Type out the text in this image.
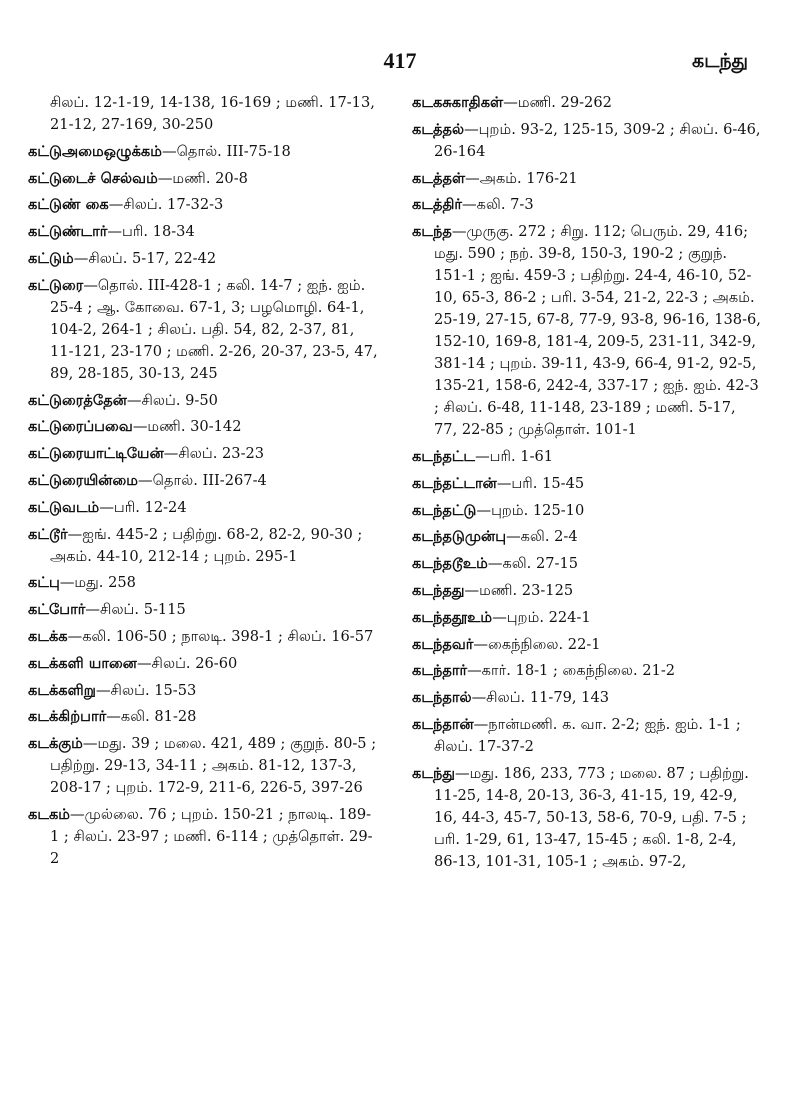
417	கடந்து
சிலப். 12-1-19, 14-138, 16-169 ; மணி. 17-13, 21-12, 27-169, 30-250
கட்டுஅமைஒழுக்கம்—தொல். III-75-18
கட்டுடைச் செல்வம்—மணி. 20-8
கட்டுண் கை—சிலப். 17-32-3
கட்டுண்டார்—பரி. 18-34
கட்டும்—சிலப். 5-17, 22-42
கட்டுரை—தொல். III-428-1 ; கலி. 14-7 ; ஐந். ஐம். 25-4 ; ஆ. கோவை. 67-1, 3; பழமொழி. 64-1, 104-2, 264-1 ; சிலப். பதி. 54, 82, 2-37, 81, 11-121, 23-170 ; மணி. 2-26, 20-37, 23-5, 47, 89, 28-185, 30-13, 245
கட்டுரைத்தேன்—சிலப். 9-50
கட்டுரைப்பவை—மணி. 30-142
கட்டுரையாட்டியேன்—சிலப். 23-23
கட்டுரையின்மை—தொல். III-267-4
கட்டுவடம்—பரி. 12-24
கட்டூர்—ஐங். 445-2 ; பதிற்று. 68-2, 82-2, 90-30 ; அகம். 44-10, 212-14 ; புறம். 295-1
கட்பு—மது. 258
கட்போர்—சிலப். 5-115
கடக்க—கலி. 106-50 ; நாலடி. 398-1 ; சிலப். 16-57
கடக்களி யானை—சிலப். 26-60
கடக்களிறு—சிலப். 15-53
கடக்கிற்பார்—கலி. 81-28
கடக்கும்—மது. 39 ; மலை. 421, 489 ; குறுந். 80-5 ; பதிற்று. 29-13, 34-11 ; அகம். 81-12, 137-3, 208-17 ; புறம். 172-9, 211-6, 226-5, 397-26
கடகம்—முல்லை. 76 ; புறம். 150-21 ; நாலடி. 189-1 ; சிலப். 23-97 ; மணி. 6-114 ; முத்தொள். 29-2
கடகசுகாதிகள்—மணி. 29-262
கடத்தல்—புறம். 93-2, 125-15, 309-2 ; சிலப். 6-46, 26-164
கடத்தள்—அகம். 176-21
கடத்திர்—கலி. 7-3
கடந்த—முருகு. 272 ; சிறு. 112; பெரும். 29, 416; மது. 590 ; நற். 39-8, 150-3, 190-2 ; குறுந். 151-1 ; ஐங். 459-3 ; பதிற்று. 24-4, 46-10, 52-10, 65-3, 86-2 ; பரி. 3-54, 21-2, 22-3 ; அகம். 25-19, 27-15, 67-8, 77-9, 93-8, 96-16, 138-6, 152-10, 169-8, 181-4, 209-5, 231-11, 342-9, 381-14 ; புறம். 39-11, 43-9, 66-4, 91-2, 92-5, 135-21, 158-6, 242-4, 337-17 ; ஐந். ஐம். 42-3 ; சிலப். 6-48, 11-148, 23-189 ; மணி. 5-17, 77, 22-85 ; முத்தொள். 101-1
கடந்தட்ட—பரி. 1-61
கடந்தட்டான்—பரி. 15-45
கடந்தட்டு—புறம். 125-10
கடந்தடுமுன்பு—கலி. 2-4
கடந்தடூஉம்—கலி. 27-15
கடந்தது—மணி. 23-125
கடந்ததூஉம்—புறம். 224-1
கடந்தவர்—கைந்நிலை. 22-1
கடந்தார்—கார். 18-1 ; கைந்நிலை. 21-2
கடந்தால்—சிலப். 11-79, 143
கடந்தான்—நான்மணி. க. வா. 2-2; ஐந். ஐம். 1-1 ; சிலப். 17-37-2
கடந்து—மது. 186, 233, 773 ; மலை. 87 ; பதிற்று. 11-25, 14-8, 20-13, 36-3, 41-15, 19, 42-9, 16, 44-3, 45-7, 50-13, 58-6, 70-9, பதி. 7-5 ; பரி. 1-29, 61, 13-47, 15-45 ; கலி. 1-8, 2-4, 86-13, 101-31, 105-1 ; அகம். 97-2,
